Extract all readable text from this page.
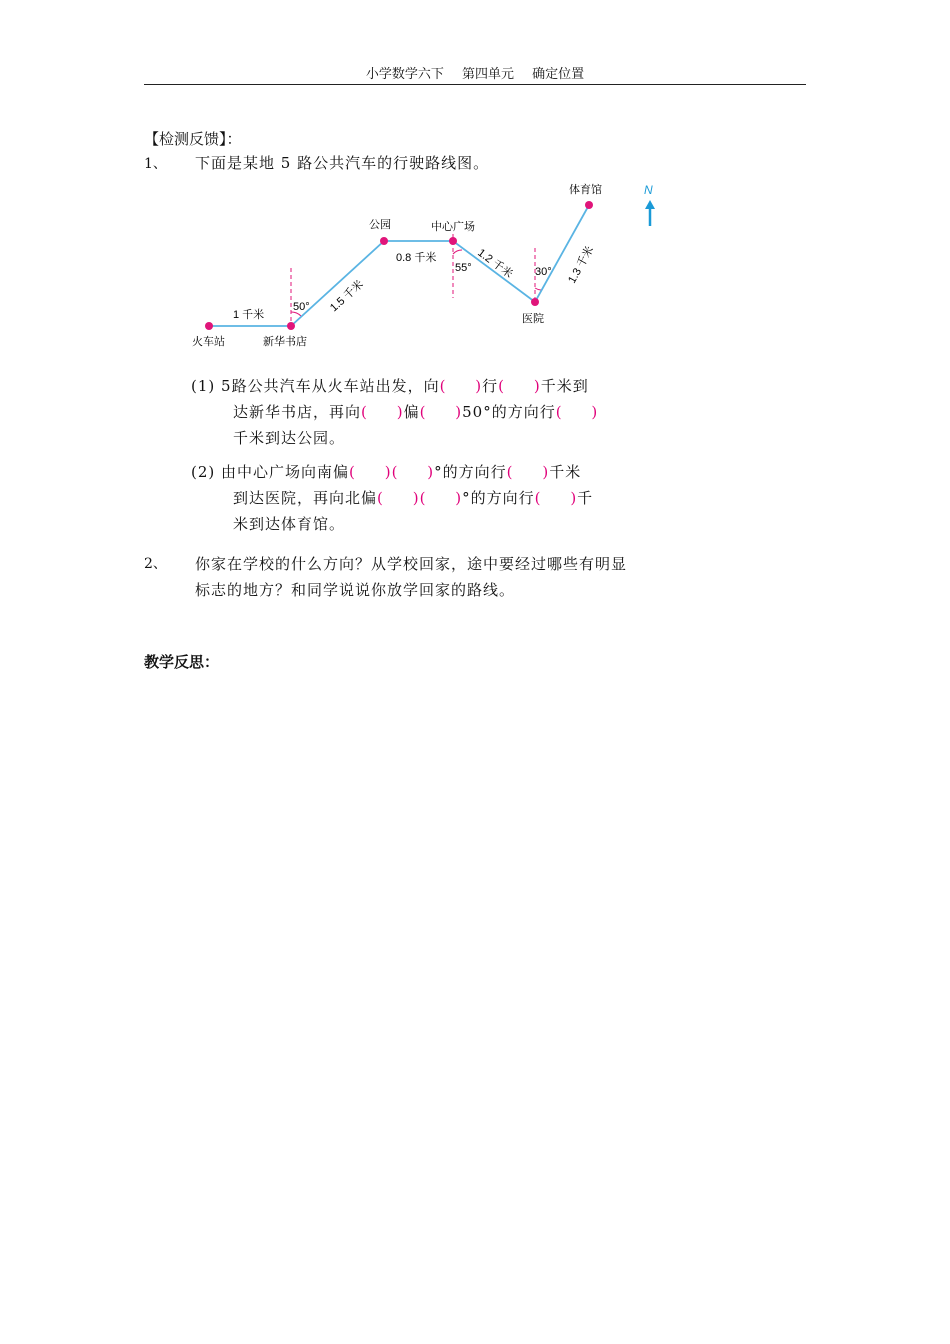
小学数学六下 第四单元 确定位置
【检测反馈】：
1、 下面是某地 5 路公共汽车的行驶路线图。
火车站	新华书店
公园	中心广场
医院
体育馆
1 千米
1.5 千米
0.8 千米	1.2 千米	1.3 千米
50°
55°	30°
N
(1) 5路公共汽车从火车站出发，向(     )行(     )千米到
达新华书店，再向(     )偏(     )50°的方向行(     )
千米到达公园。
(2) 由中心广场向南偏(     )(     )°的方向行(     )千米
到达医院，再向北偏(     )(     )°的方向行(     )千
米到达体育馆。
2、 你家在学校的什么方向？从学校回家，途中要经过哪些有明显
标志的地方？和同学说说你放学回家的路线。
教学反思：
